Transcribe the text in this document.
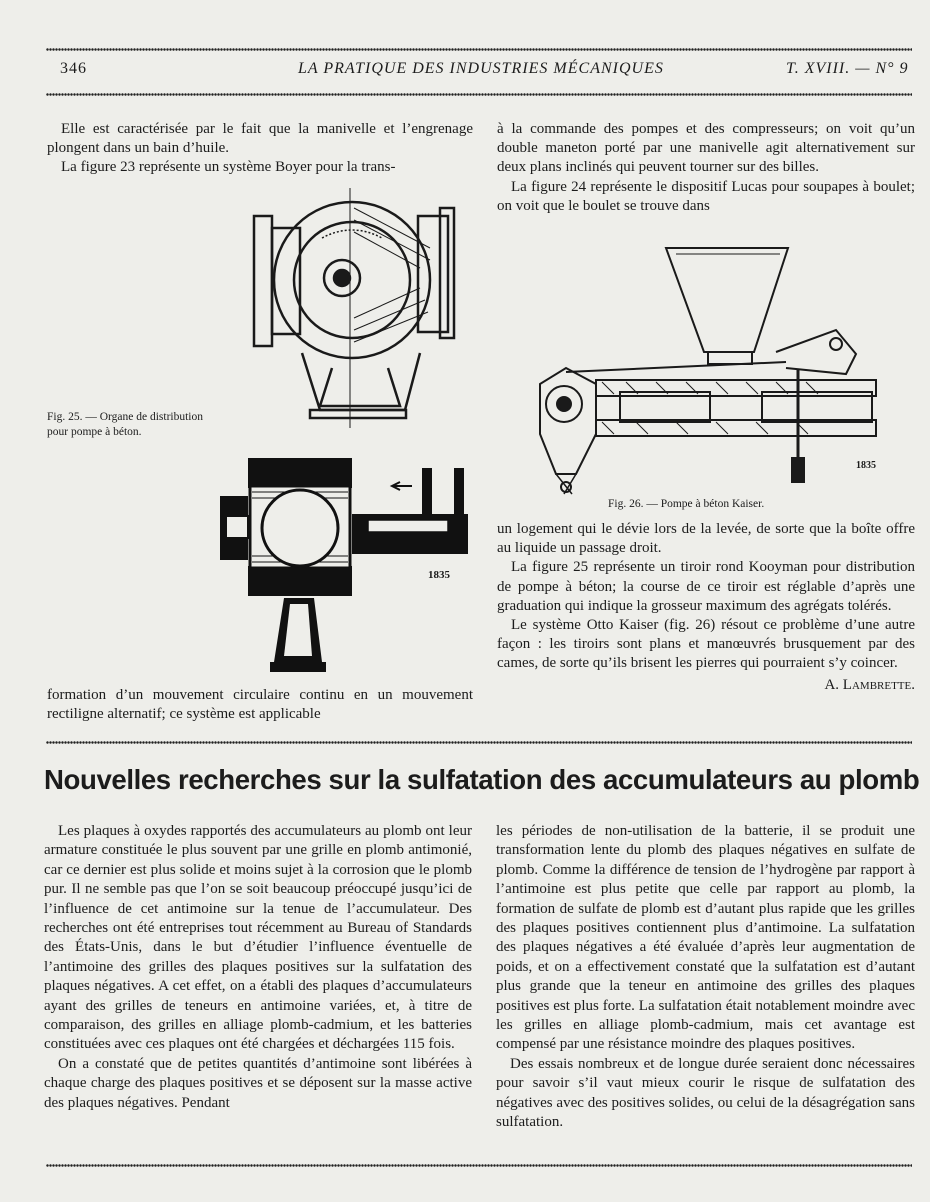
346	LA PRATIQUE DES INDUSTRIES MÉCANIQUES	T. XVIII. — N° 9

Elle est caractérisée par le fait que la manivelle et l’engrenage plongent dans un bain d’huile.

La figure 23 représente un système Boyer pour la trans-

Fig. 25. — Organe de distribution pour pompe à béton.
1835

formation d’un mouvement circulaire continu en un mouvement rectiligne alternatif; ce système est applicable

à la commande des pompes et des compresseurs; on voit qu’un double maneton porté par une manivelle agit alternativement sur deux plans inclinés qui peuvent tourner sur des billes.

La figure 24 représente le dispositif Lucas pour soupapes à boulet; on voit que le boulet se trouve dans

1835
Fig. 26. — Pompe à béton Kaiser.

un logement qui le dévie lors de la levée, de sorte que la boîte offre au liquide un passage droit.

La figure 25 représente un tiroir rond Kooyman pour distribution de pompe à béton; la course de ce tiroir est réglable d’après une graduation qui indique la grosseur maximum des agrégats tolérés.

Le système Otto Kaiser (fig. 26) résout ce problème d’une autre façon : les tiroirs sont plans et manœuvrés brusquement par des cames, de sorte qu’ils brisent les pierres qui pourraient s’y coincer.

A. Lambrette.
Nouvelles recherches sur la sulfatation des accumulateurs au plomb

Les plaques à oxydes rapportés des accumulateurs au plomb ont leur armature constituée le plus souvent par une grille en plomb antimonié, car ce dernier est plus solide et moins sujet à la corrosion que le plomb pur. Il ne semble pas que l’on se soit beaucoup préoccupé jusqu’ici de l’influence de cet antimoine sur la tenue de l’accumulateur. Des recherches ont été entreprises tout récemment au Bureau of Standards des États-Unis, dans le but d’étudier l’influence éventuelle de l’antimoine des grilles des plaques positives sur la sulfatation des plaques négatives. A cet effet, on a établi des plaques d’accumulateurs ayant des grilles de teneurs en antimoine variées, et, à titre de comparaison, des grilles en alliage plomb-cadmium, et les batteries constituées avec ces plaques ont été chargées et déchargées 115 fois.

On a constaté que de petites quantités d’antimoine sont libérées à chaque charge des plaques positives et se déposent sur la masse active des plaques négatives. Pendant

les périodes de non-utilisation de la batterie, il se produit une transformation lente du plomb des plaques négatives en sulfate de plomb. Comme la différence de tension de l’hydrogène par rapport à l’antimoine est plus petite que celle par rapport au plomb, la formation de sulfate de plomb est d’autant plus rapide que les grilles des plaques positives contiennent plus d’antimoine. La sulfatation des plaques négatives a été évaluée d’après leur augmentation de poids, et on a effectivement constaté que la sulfatation est d’autant plus grande que la teneur en antimoine des grilles des plaques positives est plus forte. La sulfatation était notablement moindre avec les grilles en alliage plomb-cadmium, mais cet avantage est compensé par une résistance moindre des plaques positives.

Des essais nombreux et de longue durée seraient donc nécessaires pour savoir s’il vaut mieux courir le risque de sulfatation des négatives avec des positives solides, ou celui de la désagrégation sans sulfatation.
